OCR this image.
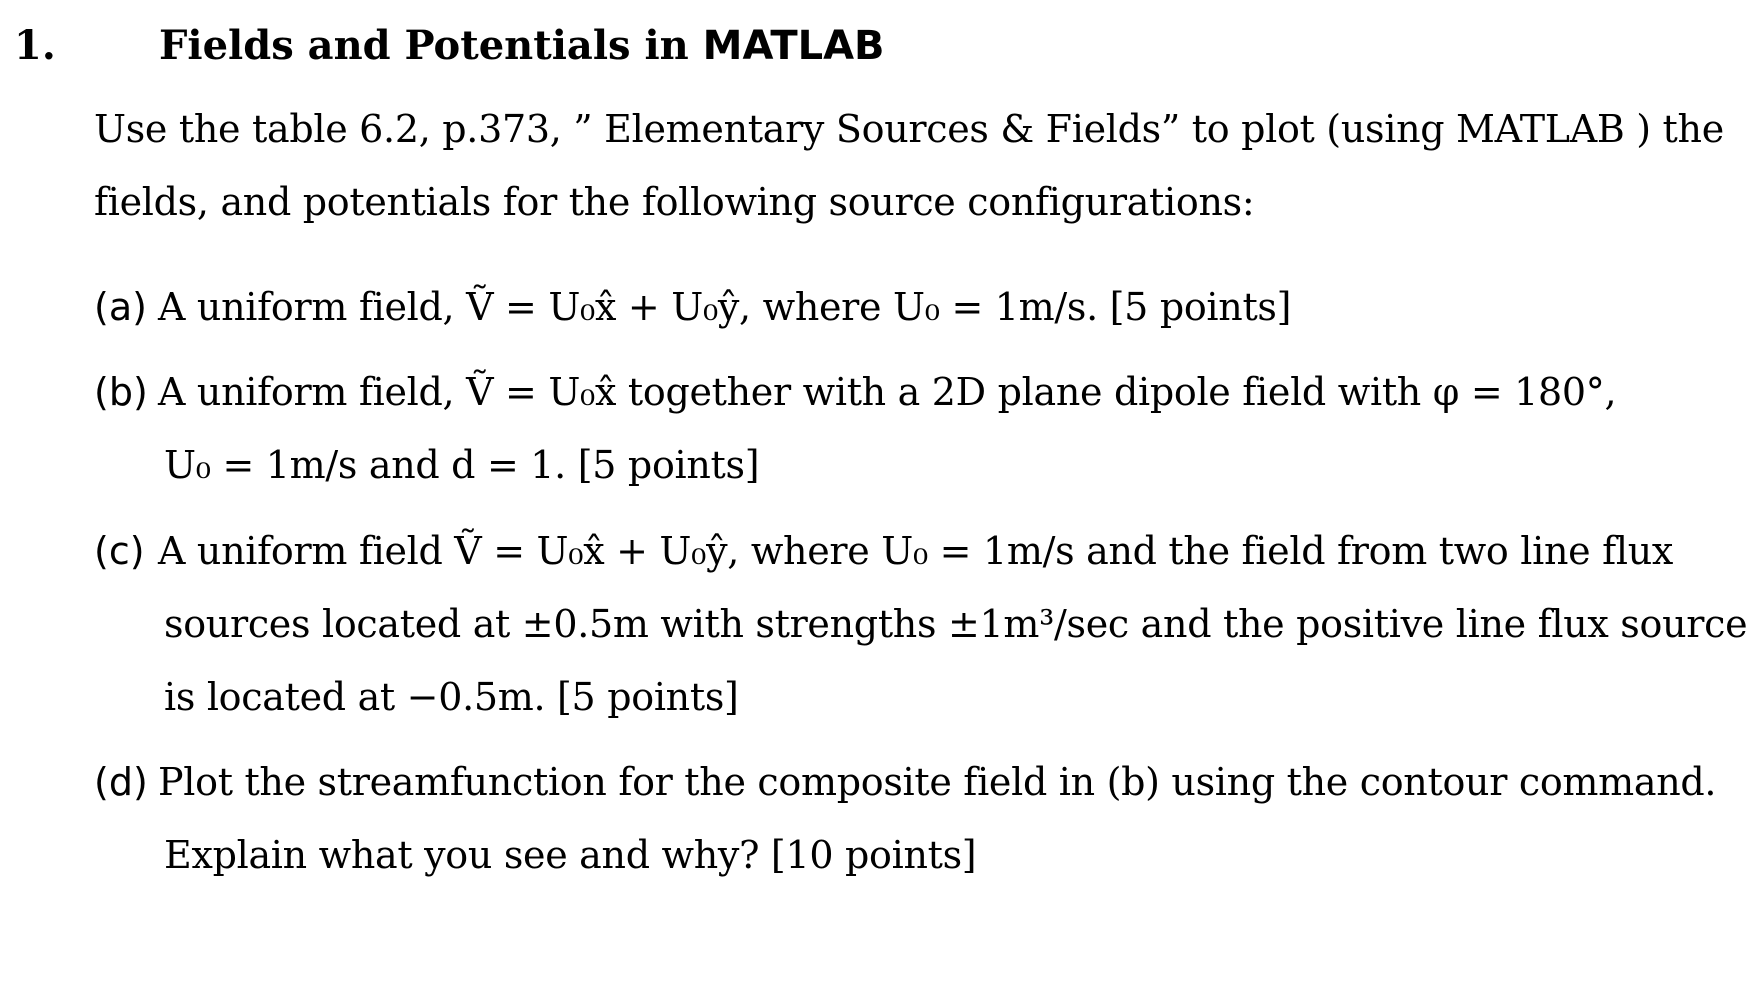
1.	Fields and Potentials in MATLAB
Use the table 6.2, p.373, ” Elementary Sources & Fields” to plot (using MATLAB ) the
fields, and potentials for the following source configurations:
(a) A uniform field, Ṽ = U₀x̂ + U₀ŷ, where U₀ = 1m/s. [5 points]
(b) A uniform field, Ṽ = U₀x̂ together with a 2D plane dipole field with φ = 180°,
U₀ = 1m/s and d = 1. [5 points]
(c) A uniform field Ṽ = U₀x̂ + U₀ŷ, where U₀ = 1m/s and the field from two line flux
sources located at ±0.5m with strengths ±1m³/sec and the positive line flux source
is located at −0.5m. [5 points]
(d) Plot the streamfunction for the composite field in (b) using the contour command.
Explain what you see and why? [10 points]
